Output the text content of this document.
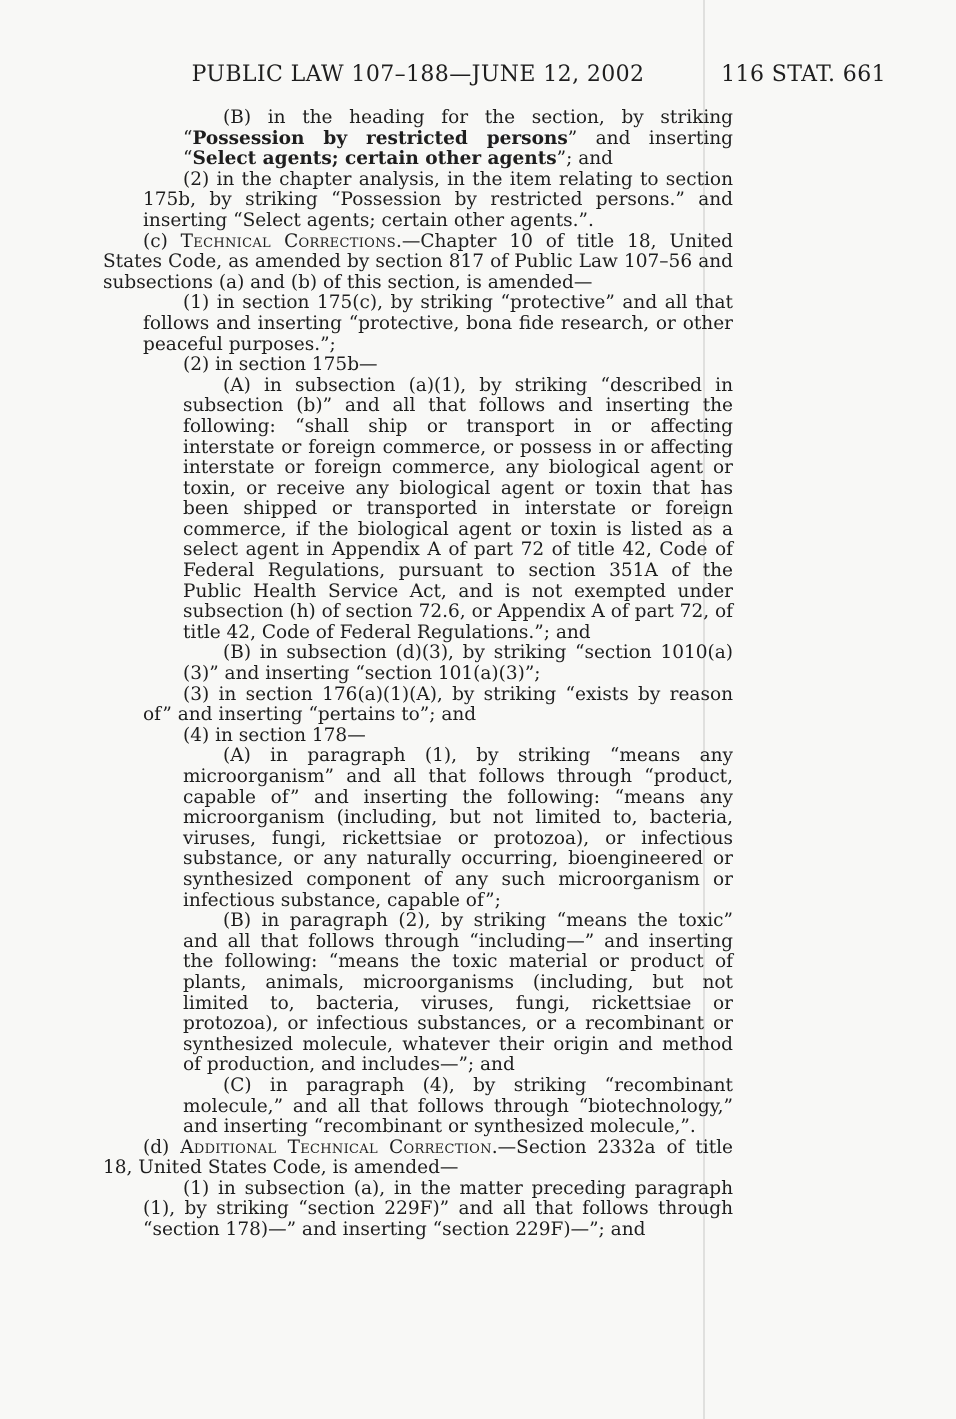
PUBLIC LAW 107–188—JUNE 12, 2002	116 STAT. 661

(B) in the heading for the section, by striking “Possession by restricted persons” and inserting “Select agents; certain other agents”; and

(2) in the chapter analysis, in the item relating to section 175b, by striking “Possession by restricted persons.” and inserting “Select agents; certain other agents.”.

(c) Technical Corrections.—Chapter 10 of title 18, United States Code, as amended by section 817 of Public Law 107–56 and subsections (a) and (b) of this section, is amended—

(1) in section 175(c), by striking “protective” and all that follows and inserting “protective, bona fide research, or other peaceful purposes.”;

(2) in section 175b—

(A) in subsection (a)(1), by striking “described in subsection (b)” and all that follows and inserting the following: “shall ship or transport in or affecting interstate or foreign commerce, or possess in or affecting interstate or foreign commerce, any biological agent or toxin, or receive any biological agent or toxin that has been shipped or transported in interstate or foreign commerce, if the biological agent or toxin is listed as a select agent in Appendix A of part 72 of title 42, Code of Federal Regulations, pursuant to section 351A of the Public Health Service Act, and is not exempted under subsection (h) of section 72.6, or Appendix A of part 72, of title 42, Code of Federal Regulations.”; and

(B) in subsection (d)(3), by striking “section 1010(a)(3)” and inserting “section 101(a)(3)”;

(3) in section 176(a)(1)(A), by striking “exists by reason of” and inserting “pertains to”; and

(4) in section 178—

(A) in paragraph (1), by striking “means any microorganism” and all that follows through “product, capable of” and inserting the following: “means any microorganism (including, but not limited to, bacteria, viruses, fungi, rickettsiae or protozoa), or infectious substance, or any naturally occurring, bioengineered or synthesized component of any such microorganism or infectious substance, capable of”;

(B) in paragraph (2), by striking “means the toxic” and all that follows through “including—” and inserting the following: “means the toxic material or product of plants, animals, microorganisms (including, but not limited to, bacteria, viruses, fungi, rickettsiae or protozoa), or infectious substances, or a recombinant or synthesized molecule, whatever their origin and method of production, and includes—”; and

(C) in paragraph (4), by striking “recombinant molecule,” and all that follows through “biotechnology,” and inserting “recombinant or synthesized molecule,”.

(d) Additional Technical Correction.—Section 2332a of title 18, United States Code, is amended—

(1) in subsection (a), in the matter preceding paragraph (1), by striking “section 229F)” and all that follows through “section 178)—” and inserting “section 229F)—”; and
